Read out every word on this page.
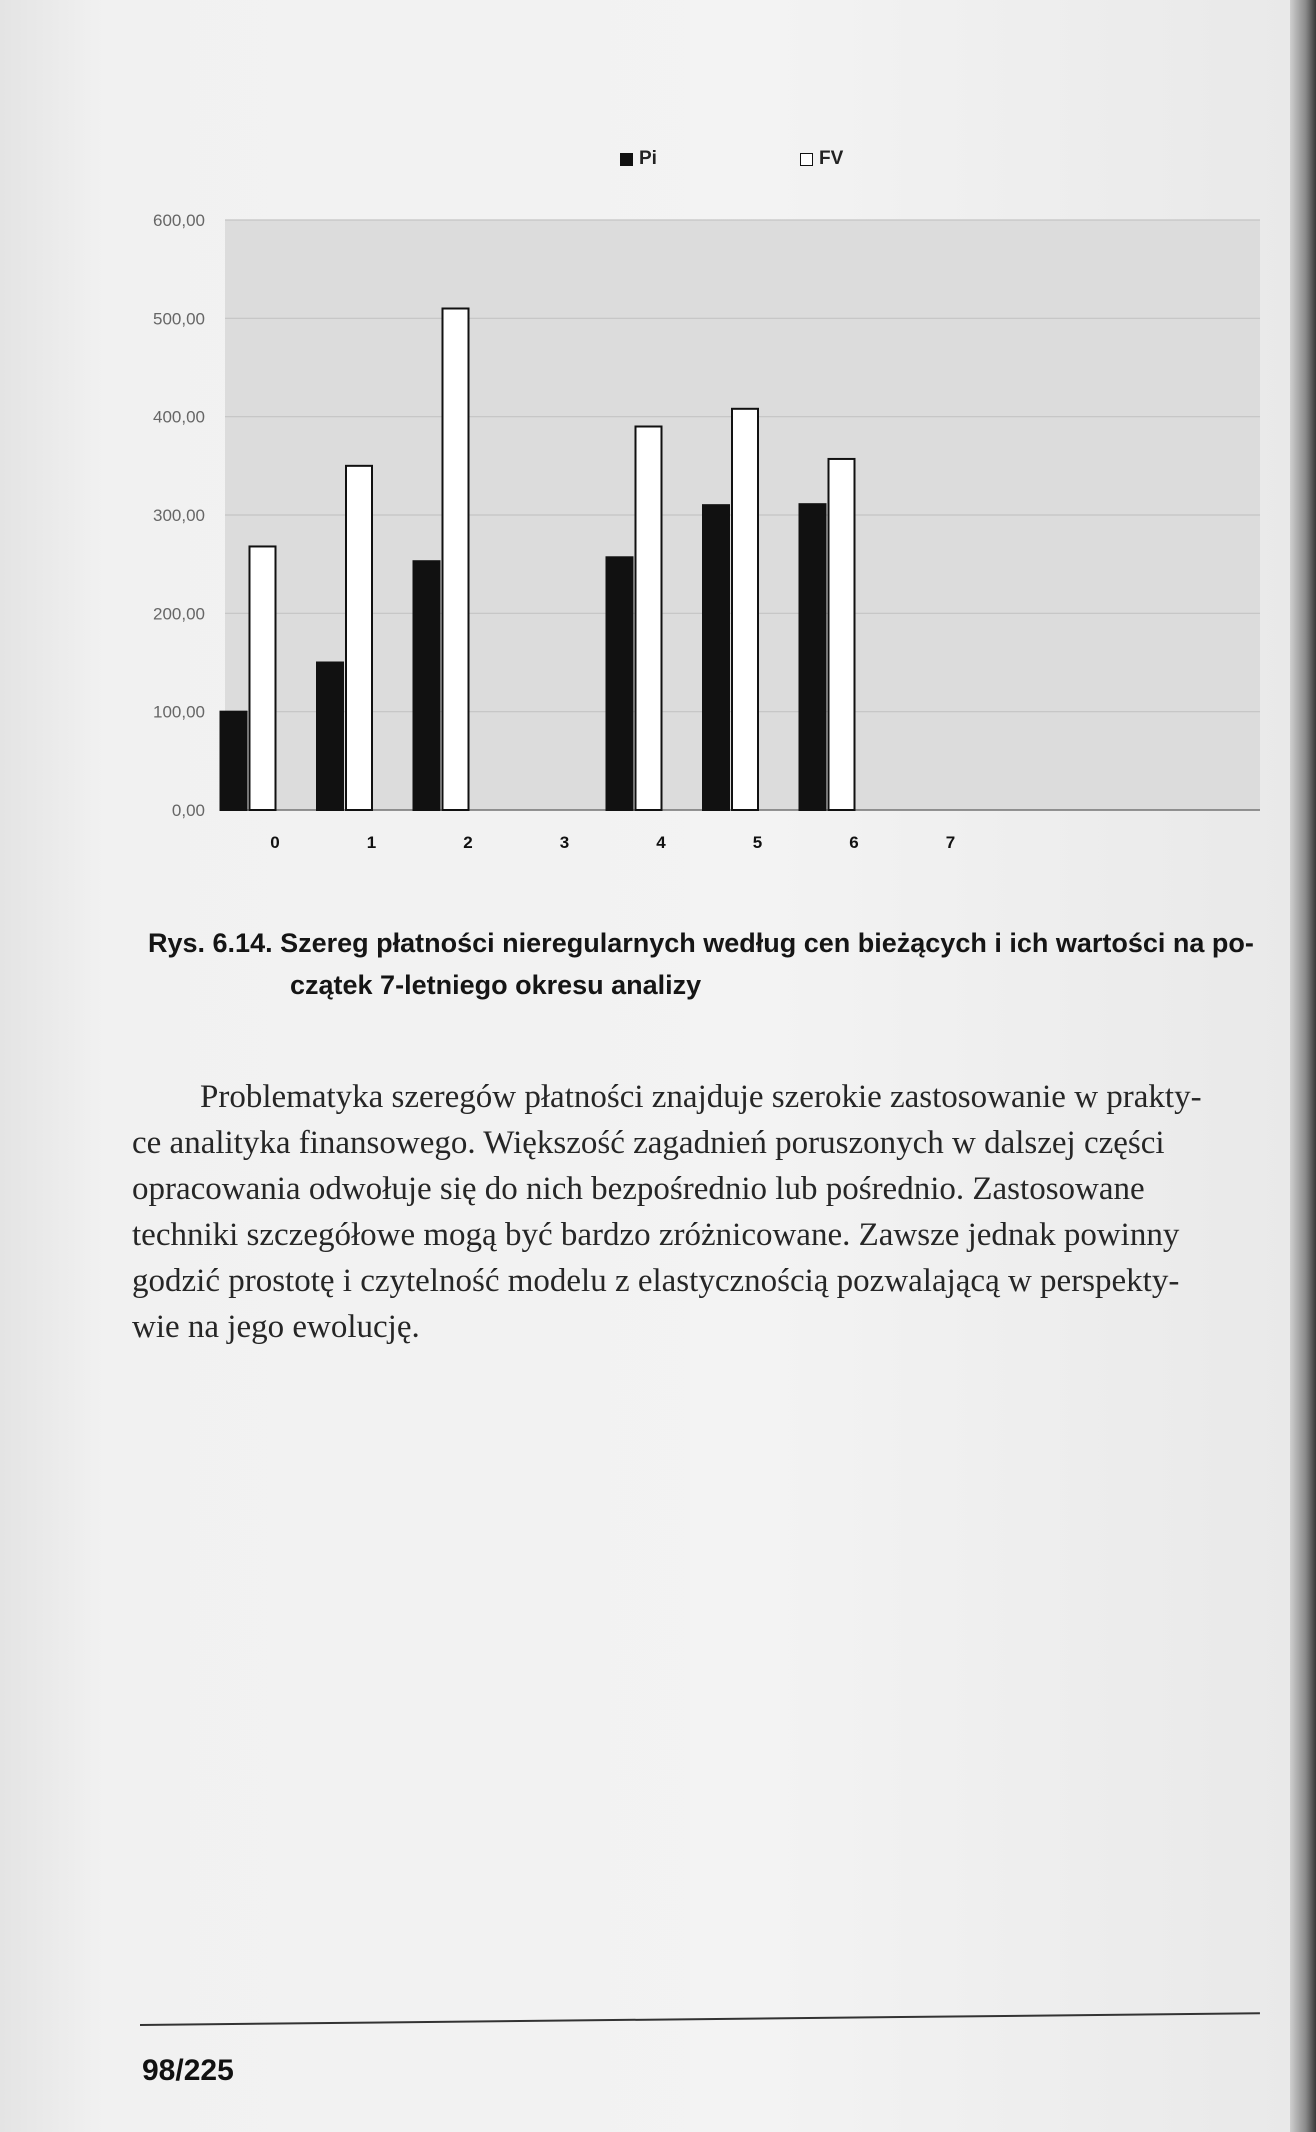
Pi	FV
0,00
100,00
200,00
300,00
400,00
500,00
600,00
0	1	2	3	4	5	6	7
Rys. 6.14. Szereg płatności nieregularnych według cen bieżących i ich wartości na po-
czątek 7-letniego okresu analizy
Problematyka szeregów płatności znajduje szerokie zastosowanie w prakty-
ce analityka finansowego. Większość zagadnień poruszonych w dalszej części
opracowania odwołuje się do nich bezpośrednio lub pośrednio. Zastosowane
techniki szczegółowe mogą być bardzo zróżnicowane. Zawsze jednak powinny
godzić prostotę i czytelność modelu z elastycznością pozwalającą w perspekty-
wie na jego ewolucję.
98/225
